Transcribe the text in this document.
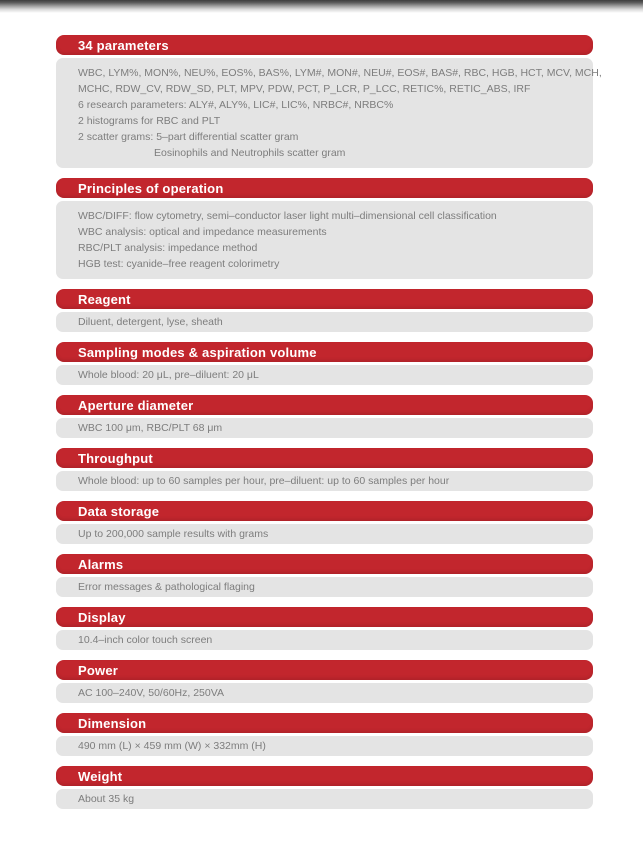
34 parameters
WBC, LYM%, MON%, NEU%, EOS%, BAS%, LYM#, MON#, NEU#, EOS#, BAS#, RBC, HGB, HCT, MCV, MCH,
MCHC, RDW_CV, RDW_SD, PLT, MPV, PDW, PCT, P_LCR, P_LCC, RETIC%, RETIC_ABS, IRF
6 research parameters: ALY#, ALY%, LIC#, LIC%, NRBC#, NRBC%
2 histograms for RBC and PLT
2 scatter grams: 5–part differential scatter gram
Eosinophils and Neutrophils scatter gram
Principles of operation
WBC/DIFF: flow cytometry, semi–conductor laser light multi–dimensional cell classification
WBC analysis: optical and impedance measurements
RBC/PLT analysis: impedance method
HGB test: cyanide–free reagent colorimetry
Reagent
Diluent, detergent, lyse, sheath
Sampling modes & aspiration volume
Whole blood: 20 μL, pre–diluent: 20 μL
Aperture diameter
WBC 100 μm, RBC/PLT 68 μm
Throughput
Whole blood: up to 60 samples per hour, pre–diluent: up to 60 samples per hour
Data storage
Up to 200,000 sample results with grams
Alarms
Error messages & pathological flaging
Display
10.4–inch color touch screen
Power
AC 100–240V, 50/60Hz, 250VA
Dimension
490 mm (L) × 459 mm (W) × 332mm (H)
Weight
About 35 kg
